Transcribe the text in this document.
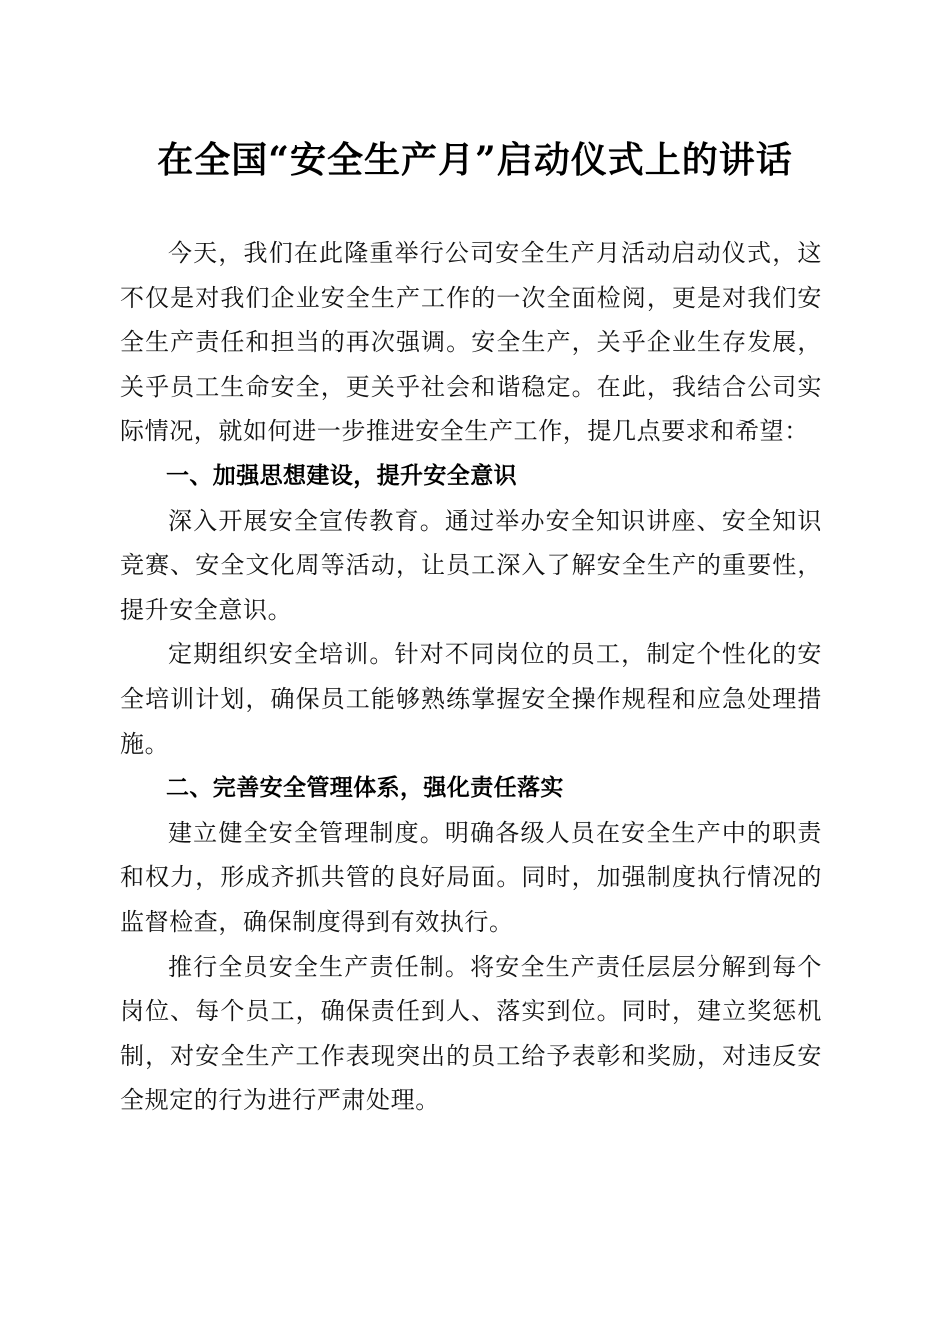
在全国“安全生产月”启动仪式上的讲话

今天，我们在此隆重举行公司安全生产月活动启动仪式，这不仅是对我们企业安全生产工作的一次全面检阅，更是对我们安全生产责任和担当的再次强调。安全生产，关乎企业生存发展，关乎员工生命安全，更关乎社会和谐稳定。在此，我结合公司实际情况，就如何进一步推进安全生产工作，提几点要求和希望：

一、加强思想建设，提升安全意识

深入开展安全宣传教育。通过举办安全知识讲座、安全知识竞赛、安全文化周等活动，让员工深入了解安全生产的重要性，提升安全意识。

定期组织安全培训。针对不同岗位的员工，制定个性化的安全培训计划，确保员工能够熟练掌握安全操作规程和应急处理措施。

二、完善安全管理体系，强化责任落实

建立健全安全管理制度。明确各级人员在安全生产中的职责和权力，形成齐抓共管的良好局面。同时，加强制度执行情况的监督检查，确保制度得到有效执行。

推行全员安全生产责任制。将安全生产责任层层分解到每个岗位、每个员工，确保责任到人、落实到位。同时，建立奖惩机制，对安全生产工作表现突出的员工给予表彰和奖励，对违反安全规定的行为进行严肃处理。
